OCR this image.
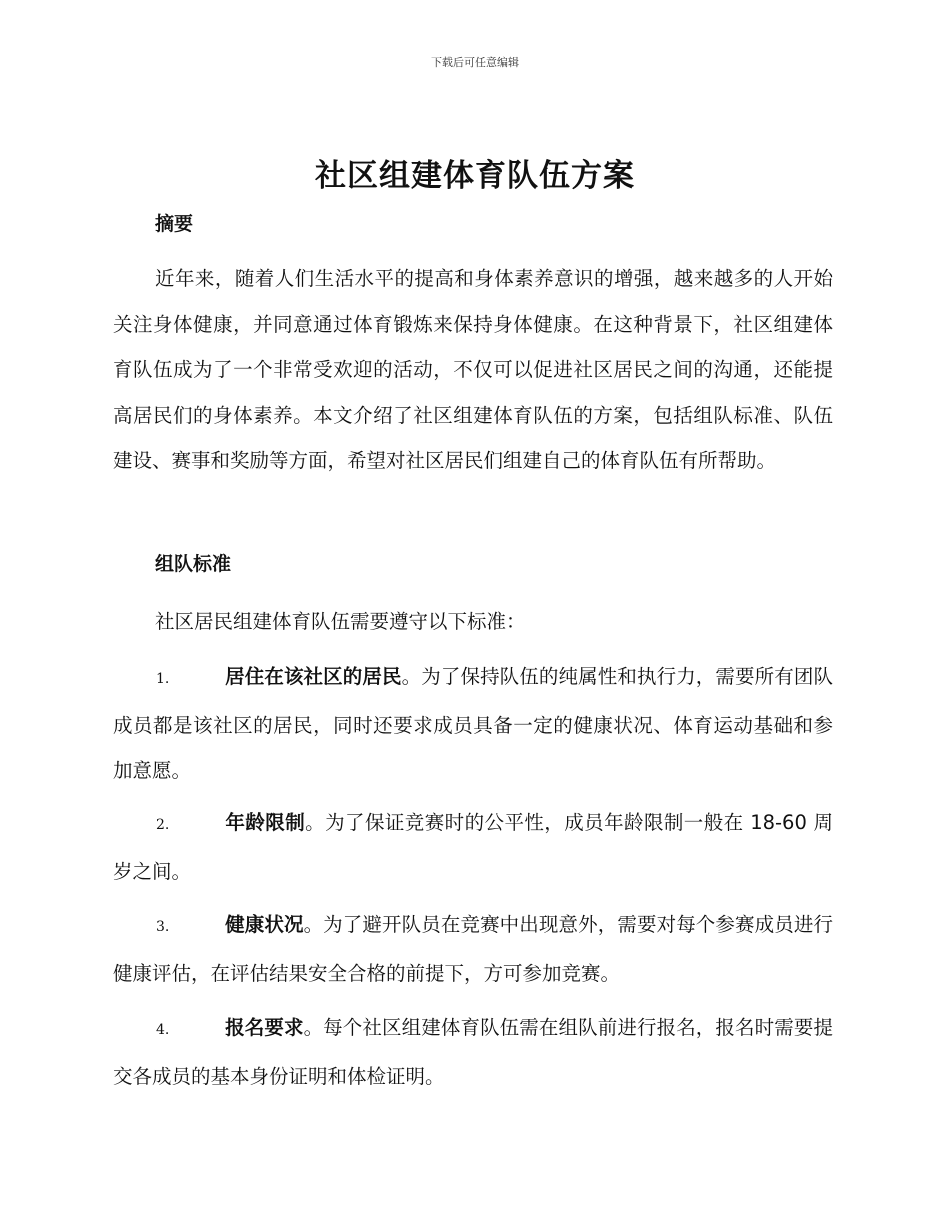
下载后可任意编辑
社区组建体育队伍方案
摘要

近年来，随着人们生活水平的提高和身体素养意识的增强，越来越多的人开始关注身体健康，并同意通过体育锻炼来保持身体健康。在这种背景下，社区组建体育队伍成为了一个非常受欢迎的活动，不仅可以促进社区居民之间的沟通，还能提高居民们的身体素养。本文介绍了社区组建体育队伍的方案，包括组队标准、队伍建设、赛事和奖励等方面，希望对社区居民们组建自己的体育队伍有所帮助。

组队标准
社区居民组建体育队伍需要遵守以下标准：

1.	居住在该社区的居民。为了保持队伍的纯属性和执行力，需要所有团队成员都是该社区的居民，同时还要求成员具备一定的健康状况、体育运动基础和参加意愿。

2.	年龄限制。为了保证竞赛时的公平性，成员年龄限制一般在 18-60 周岁之间。

3.	健康状况。为了避开队员在竞赛中出现意外，需要对每个参赛成员进行健康评估，在评估结果安全合格的前提下，方可参加竞赛。

4.	报名要求。每个社区组建体育队伍需在组队前进行报名，报名时需要提交各成员的基本身份证明和体检证明。
